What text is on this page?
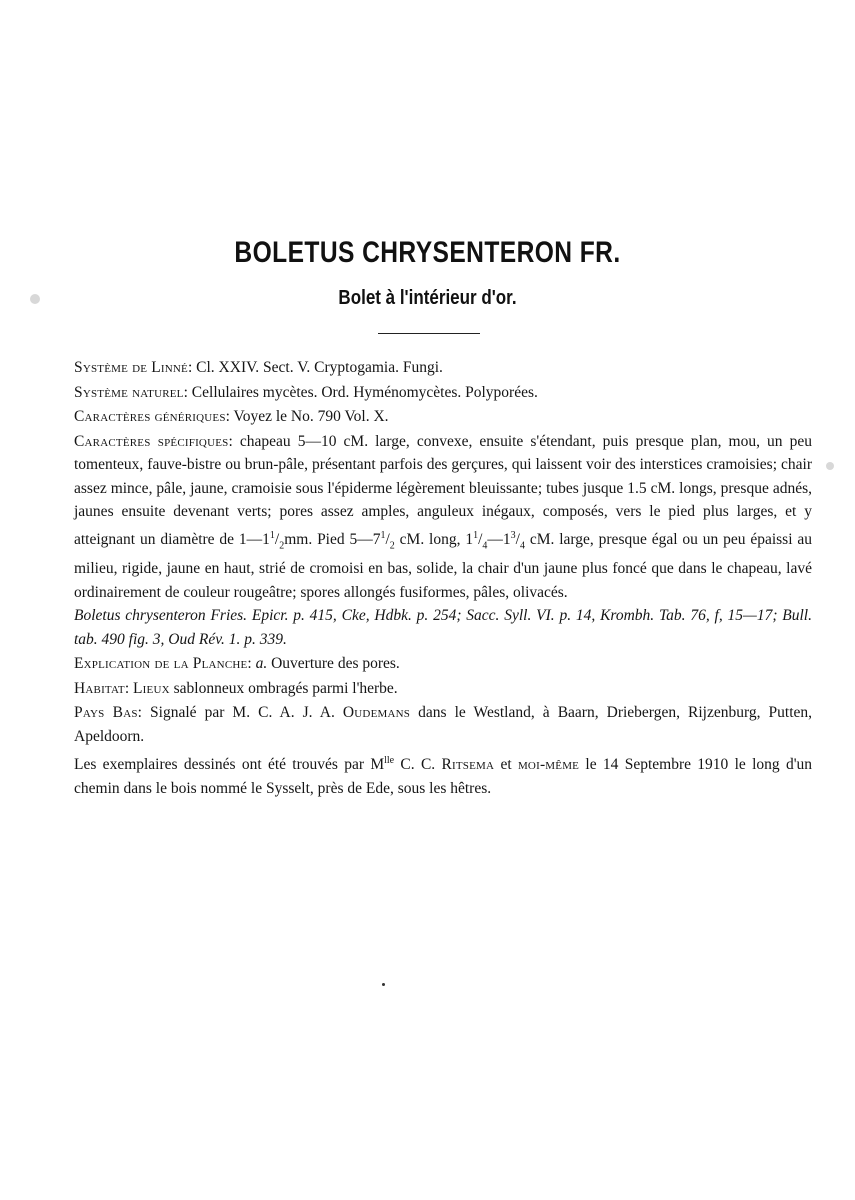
BOLETUS CHRYSENTERON FR.
Bolet à l'intérieur d'or.

Système de Linné: Cl. XXIV. Sect. V. Cryptogamia. Fungi.

Système naturel: Cellulaires mycètes. Ord. Hyménomycètes. Polyporées.

Caractères génériques: Voyez le No. 790 Vol. X.

Caractères spécifiques: chapeau 5—10 cM. large, convexe, ensuite s'étendant, puis presque plan, mou, un peu tomenteux, fauve-bistre ou brun-pâle, présentant parfois des gerçures, qui laissent voir des interstices cramoisies; chair assez mince, pâle, jaune, cramoisie sous l'épiderme légèrement bleuissante; tubes jusque 1.5 cM. longs, presque adnés, jaunes ensuite devenant verts; pores assez amples, anguleux inégaux, composés, vers le pied plus larges, et y atteignant un diamètre de $1—1^1/_2mm$. Pied $5—7^1/_2$ cM. long, $1^1/_4—1^3/_4$ cM. large, presque égal ou un peu épaissi au milieu, rigide, jaune en haut, strié de cromoisi en bas, solide, la chair d'un jaune plus foncé que dans le chapeau, lavé ordinairement de couleur rougeâtre; spores allongés fusiformes, pâles, olivacés.

Boletus chrysenteron Fries. Epicr. p. 415, Cke, Hdbk. p. 254; Sacc. Syll. VI. p. 14, Krombh. Tab. 76, f, 15—17; Bull. tab. 490 fig. 3, Oud Rév. 1. p. 339.

Explication de la Planche: a. Ouverture des pores.

Habitat: Lieux sablonneux ombragés parmi l'herbe.

Pays Bas: Signalé par M. C. A. J. A. Oudemans dans le Westland, à Baarn, Driebergen, Rijzenburg, Putten, Apeldoorn.

Les exemplaires dessinés ont été trouvés par $M^{lle}$ C. C. Ritsema et moi-même le 14 Septembre 1910 le long d'un chemin dans le bois nommé le Sysselt, près de Ede, sous les hêtres.
